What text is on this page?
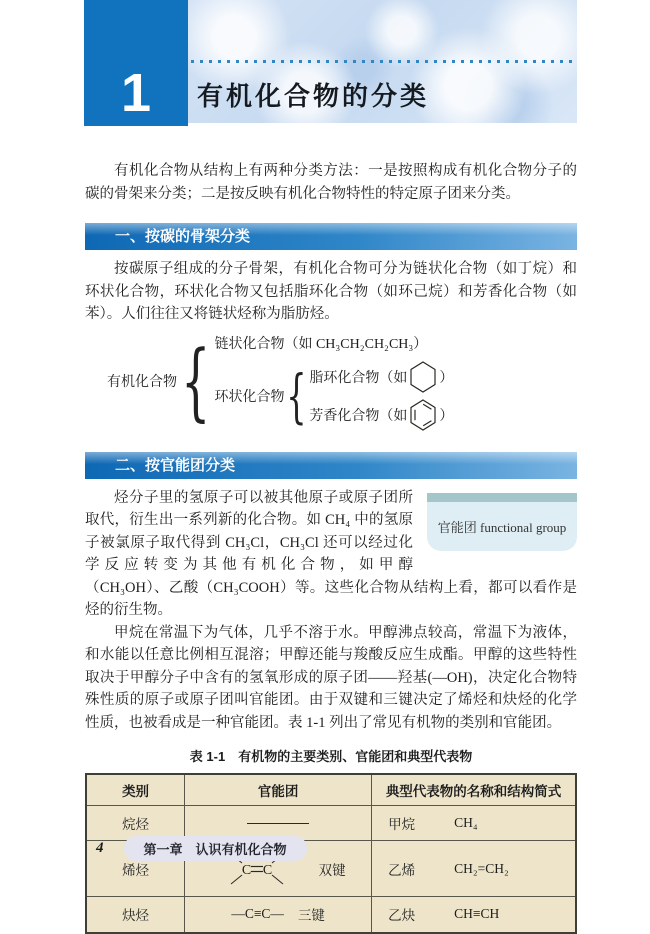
1 有机化合物的分类

有机化合物从结构上有两种分类方法：一是按照构成有机化合物分子的碳的骨架来分类；二是按反映有机化合物特性的特定原子团来分类。

一、按碳的骨架分类

按碳原子组成的分子骨架，有机化合物可分为链状化合物（如丁烷）和环状化合物，环状化合物又包括脂环化合物（如环己烷）和芳香化合物（如苯）。人们往往又将链状烃称为脂肪烃。

有机化合物 { 链状化合物（如 CH₃CH₂CH₂CH₃）
环状化合物 { 脂环化合物（如 ）
芳香化合物（如 ）
二、按官能团分类
官能团 functional group

烃分子里的氢原子可以被其他原子或原子团所取代，衍生出一系列新的化合物。如 CH₄ 中的氢原子被氯原子取代得到 CH₃Cl，CH₃Cl 还可以经过化学反应转变为其他有机化合物，如甲醇（CH₃OH）、乙酸（CH₃COOH）等。这些化合物从结构上看，都可以看作是烃的衍生物。

甲烷在常温下为气体，几乎不溶于水。甲醇沸点较高，常温下为液体，和水能以任意比例相互混溶；甲醇还能与羧酸反应生成酯。甲醇的这些特性取决于甲醇分子中含有的氢氧形成的原子团——羟基(—OH)，决定化合物特殊性质的原子或原子团叫官能团。由于双键和三键决定了烯烃和炔烃的化学性质，也被看成是一种官能团。表 1-1 列出了常见有机物的类别和官能团。

表 1-1　有机物的主要类别、官能团和典型代表物
类别	官能团	典型代表物的名称和结构简式
烷烃		甲烷 CH₄

烯烃	C C 双键	乙烯 CH₂=CH₂

炔烃	—C≡C— 三键	乙炔 CH≡CH
4	第一章　认识有机化合物
